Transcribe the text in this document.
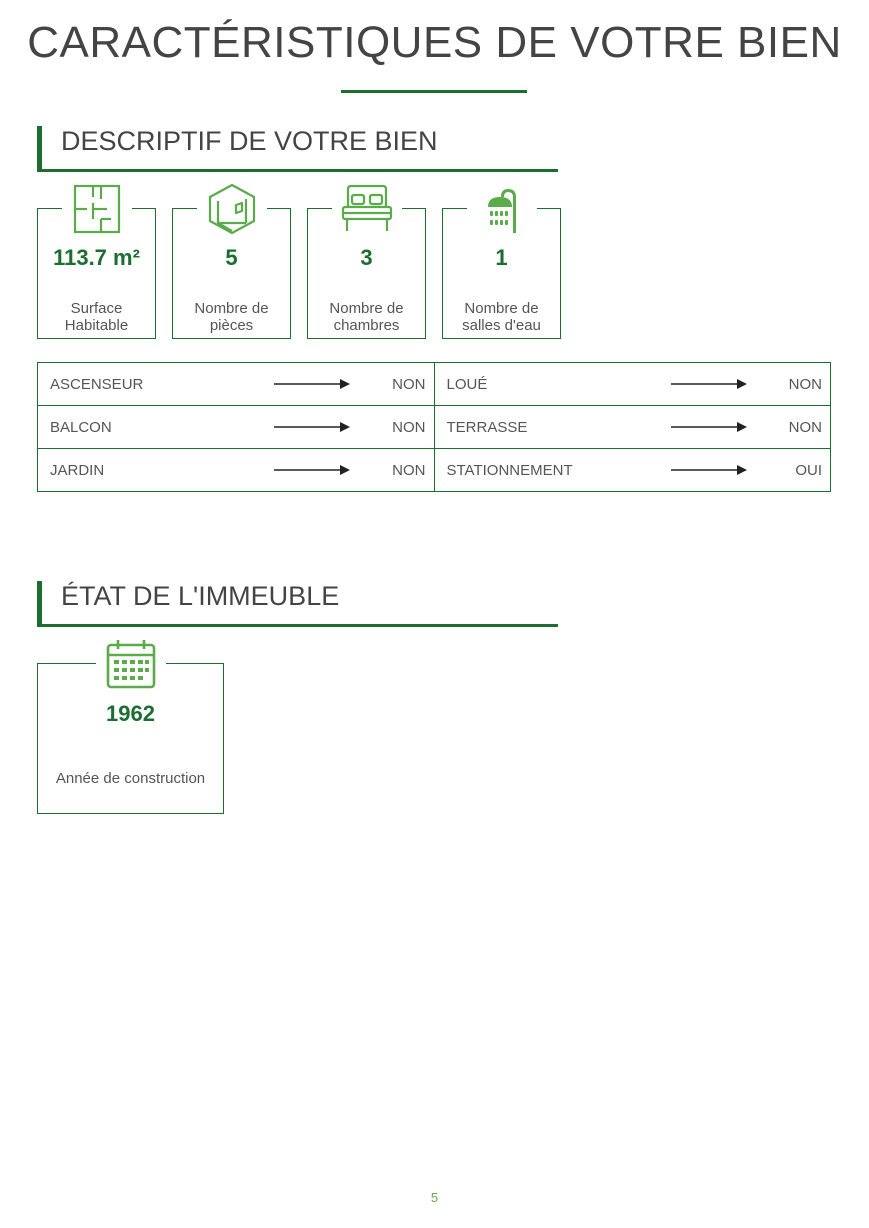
CARACTÉRISTIQUES DE VOTRE BIEN
DESCRIPTIF DE VOTRE BIEN
113.7 m²
Surface
Habitable
5
Nombre de
pièces
3
Nombre de
chambres
1
Nombre de
salles d'eau
ASCENSEUR NON	LOUÉ NON

BALCON NON	TERRASSE NON

JARDIN NON	STATIONNEMENT OUI
ÉTAT DE L'IMMEUBLE
1962
Année de construction
5
